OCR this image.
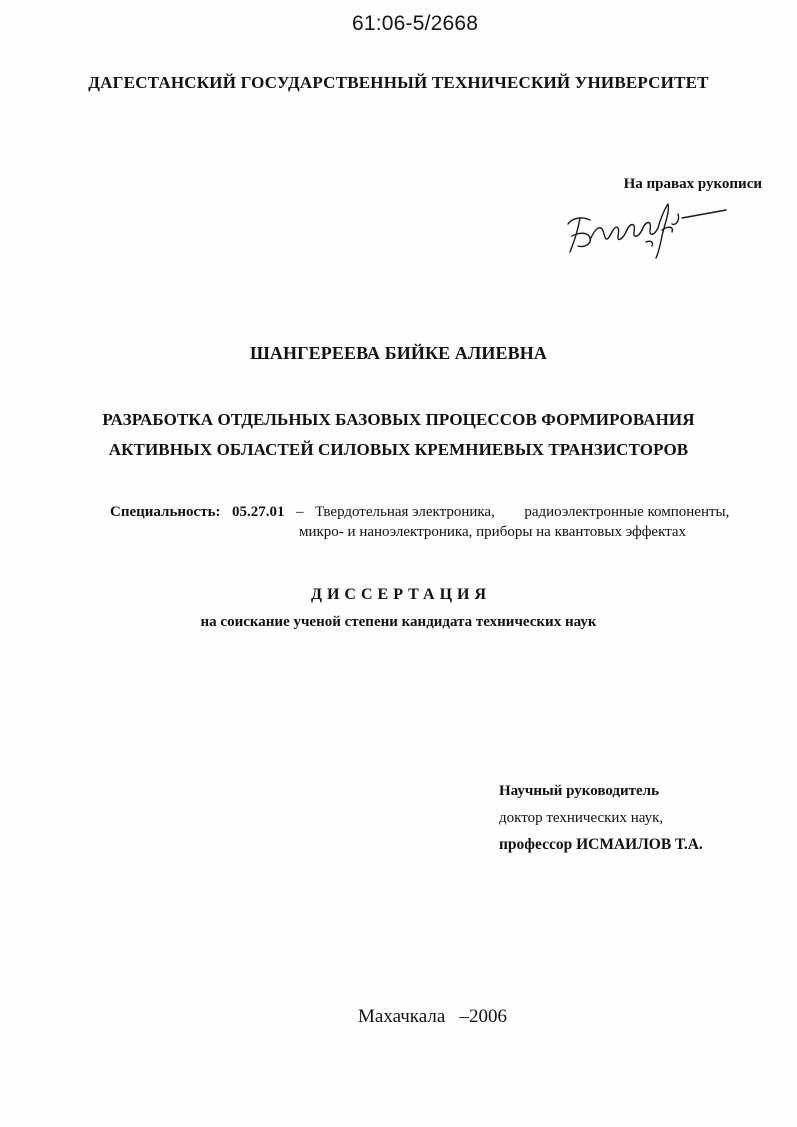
61:06-5/2668
ДАГЕСТАНСКИЙ ГОСУДАРСТВЕННЫЙ ТЕХНИЧЕСКИЙ УНИВЕРСИТЕТ
На правах рукописи
ШАНГЕРЕЕВА БИЙКЕ АЛИЕВНА
РАЗРАБОТКА ОТДЕЛЬНЫХ БАЗОВЫХ ПРОЦЕССОВ ФОРМИРОВАНИЯ
АКТИВНЫХ ОБЛАСТЕЙ СИЛОВЫХ КРЕМНИЕВЫХ ТРАНЗИСТОРОВ
Специальность: 05.27.01 – Твердотельная электроника, радиоэлектронные компоненты,
микро- и наноэлектроника, приборы на квантовых эффектах
ДИССЕРТАЦИЯ
на соискание ученой степени кандидата технических наук
Научный руководитель
доктор технических наук,
профессор ИСМАИЛОВ Т.А.
Махачкала –2006
